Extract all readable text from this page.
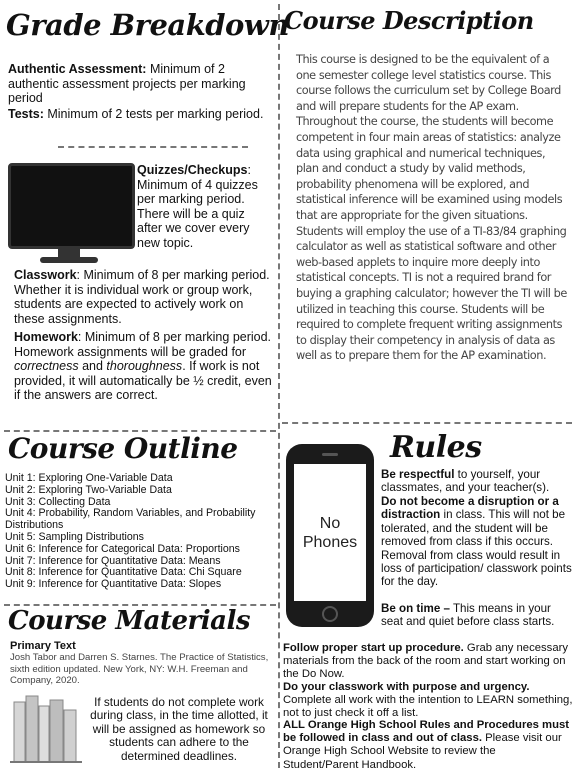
Grade Breakdown
Authentic Assessment: Minimum of 2 authentic assessment projects per marking period
Tests: Minimum of 2 tests per marking period.
Quizzes/Checkups: Minimum of 4 quizzes per marking period. There will be a quiz after we cover every new topic.
Classwork: Minimum of 8 per marking period. Whether it is individual work or group work, students are expected to actively work on these assignments.
Homework: Minimum of 8 per marking period. Homework assignments will be graded for correctness and thoroughness. If work is not provided, it will automatically be ½ credit, even if the answers are correct.
Course Description
This course is designed to be the equivalent of a one semester college level statistics course. This course follows the curriculum set by College Board and will prepare students for the AP exam. Throughout the course, the students will become competent in four main areas of statistics: analyze data using graphical and numerical techniques, plan and conduct a study by valid methods, probability phenomena will be explored, and statistical inference will be examined using models that are appropriate for the given situations. Students will employ the use of a TI-83/84 graphing calculator as well as statistical software and other web-based applets to inquire more deeply into statistical concepts. TI is not a required brand for buying a graphing calculator; however the TI will be utilized in teaching this course. Students will be required to complete frequent writing assignments to display their competency in analysis of data as well as to prepare them for the AP examination.
Course Outline
Unit 1: Exploring One-Variable Data
Unit 2: Exploring Two-Variable Data
Unit 3: Collecting Data
Unit 4: Probability, Random Variables, and Probability Distributions
Unit 5: Sampling Distributions
Unit 6: Inference for Categorical Data: Proportions
Unit 7: Inference for Quantitative Data: Means
Unit 8: Inference for Quantitative Data: Chi Square
Unit 9: Inference for Quantitative Data: Slopes
Course Materials
Primary Text
Josh Tabor and Darren S. Starnes. The Practice of Statistics, sixth edition updated. New York, NY: W.H. Freeman and Company, 2020.
If students do not complete work during class, in the time allotted, it will be assigned as homework so students can adhere to the determined deadlines.
Rules
No
Phones
Be respectful to yourself, your classmates, and your teacher(s).
Do not become a disruption or a distraction in class. This will not be tolerated, and the student will be removed from class if this occurs. Removal from class would result in loss of participation/ classwork points for the day.
Be on time – This means in your seat and quiet before class starts.
Follow proper start up procedure. Grab any necessary materials from the back of the room and start working on the Do Now.
Do your classwork with purpose and urgency. Complete all work with the intention to LEARN something, not to just check it off a list.
ALL Orange High School Rules and Procedures must be followed in class and out of class. Please visit our Orange High School Website to review the Student/Parent Handbook.
